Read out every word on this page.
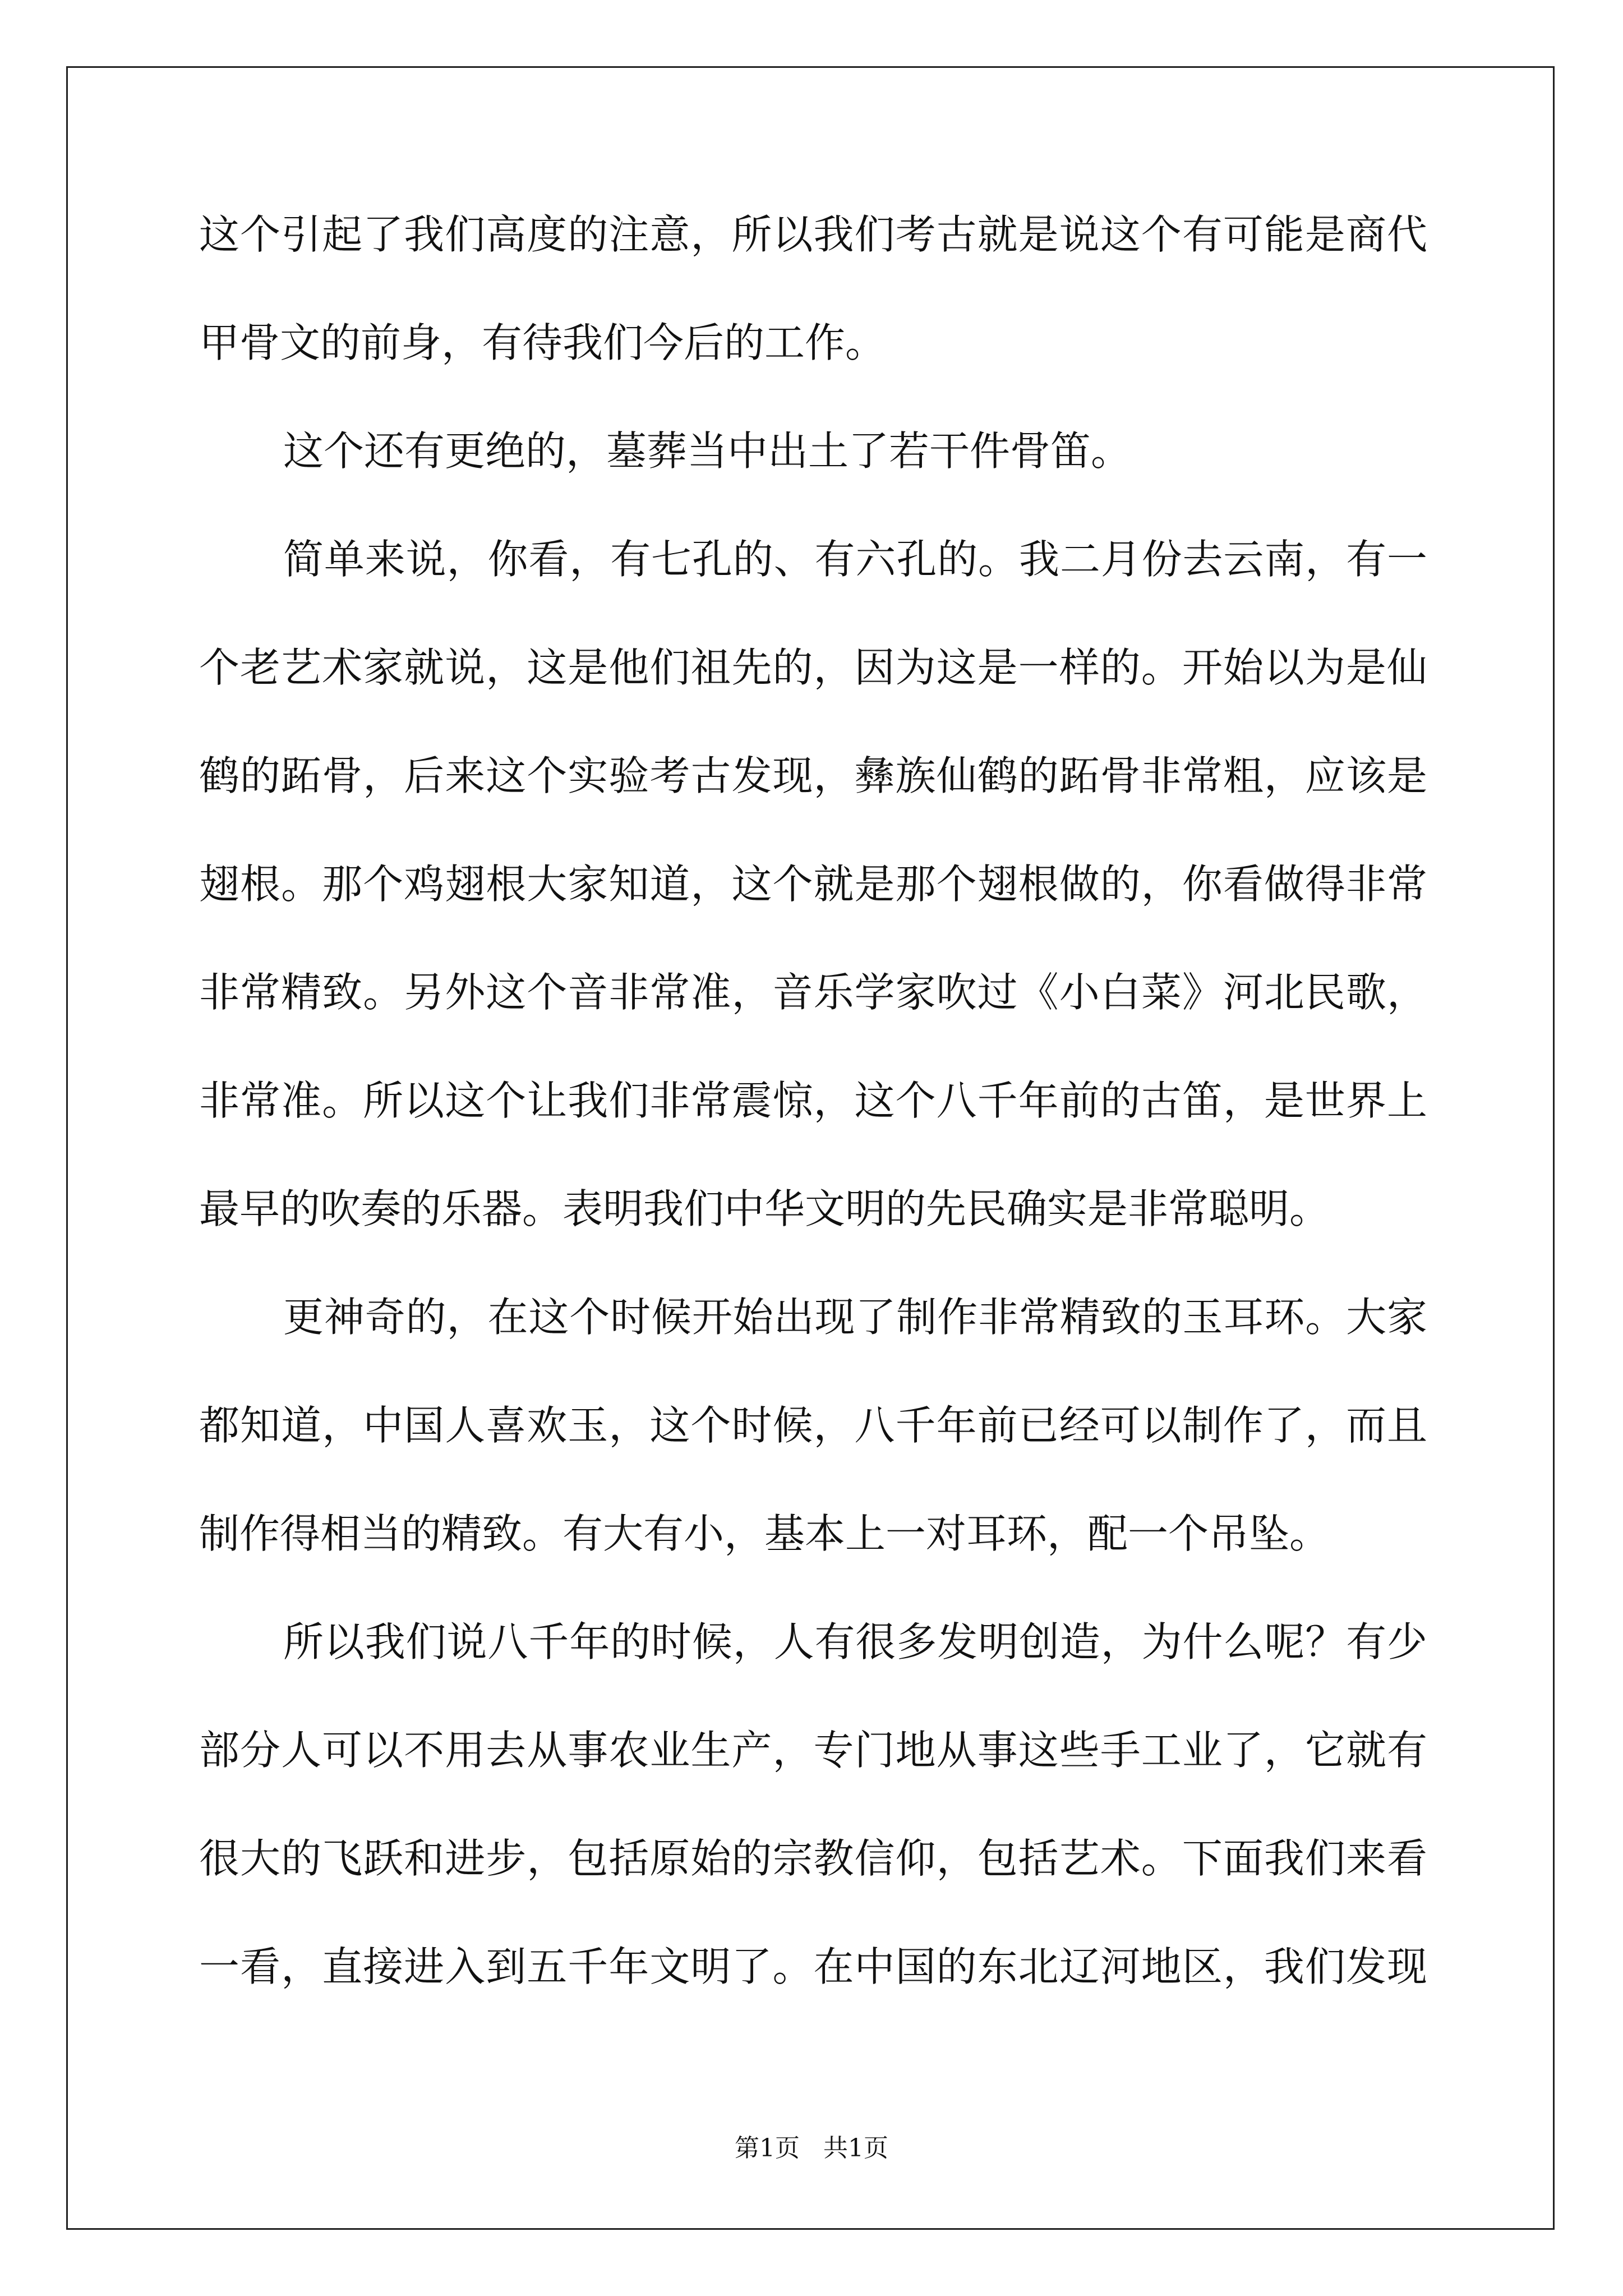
这个引起了我们高度的注意，所以我们考古就是说这个有可能是商代
甲骨文的前身，有待我们今后的工作。
这个还有更绝的，墓葬当中出土了若干件骨笛。
简单来说，你看，有七孔的、有六孔的。我二月份去云南，有一
个老艺术家就说，这是他们祖先的，因为这是一样的。开始以为是仙
鹤的跖骨，后来这个实验考古发现，彝族仙鹤的跖骨非常粗，应该是
翅根。那个鸡翅根大家知道，这个就是那个翅根做的，你看做得非常
非常精致。另外这个音非常准，音乐学家吹过《小白菜》河北民歌，
非常准。所以这个让我们非常震惊，这个八千年前的古笛，是世界上
最早的吹奏的乐器。表明我们中华文明的先民确实是非常聪明。
更神奇的，在这个时候开始出现了制作非常精致的玉耳环。大家
都知道，中国人喜欢玉，这个时候，八千年前已经可以制作了，而且
制作得相当的精致。有大有小，基本上一对耳环，配一个吊坠。
所以我们说八千年的时候，人有很多发明创造，为什么呢？有少
部分人可以不用去从事农业生产，专门地从事这些手工业了，它就有
很大的飞跃和进步，包括原始的宗教信仰，包括艺术。下面我们来看
一看，直接进入到五千年文明了。在中国的东北辽河地区，我们发现
第1页 共1页
